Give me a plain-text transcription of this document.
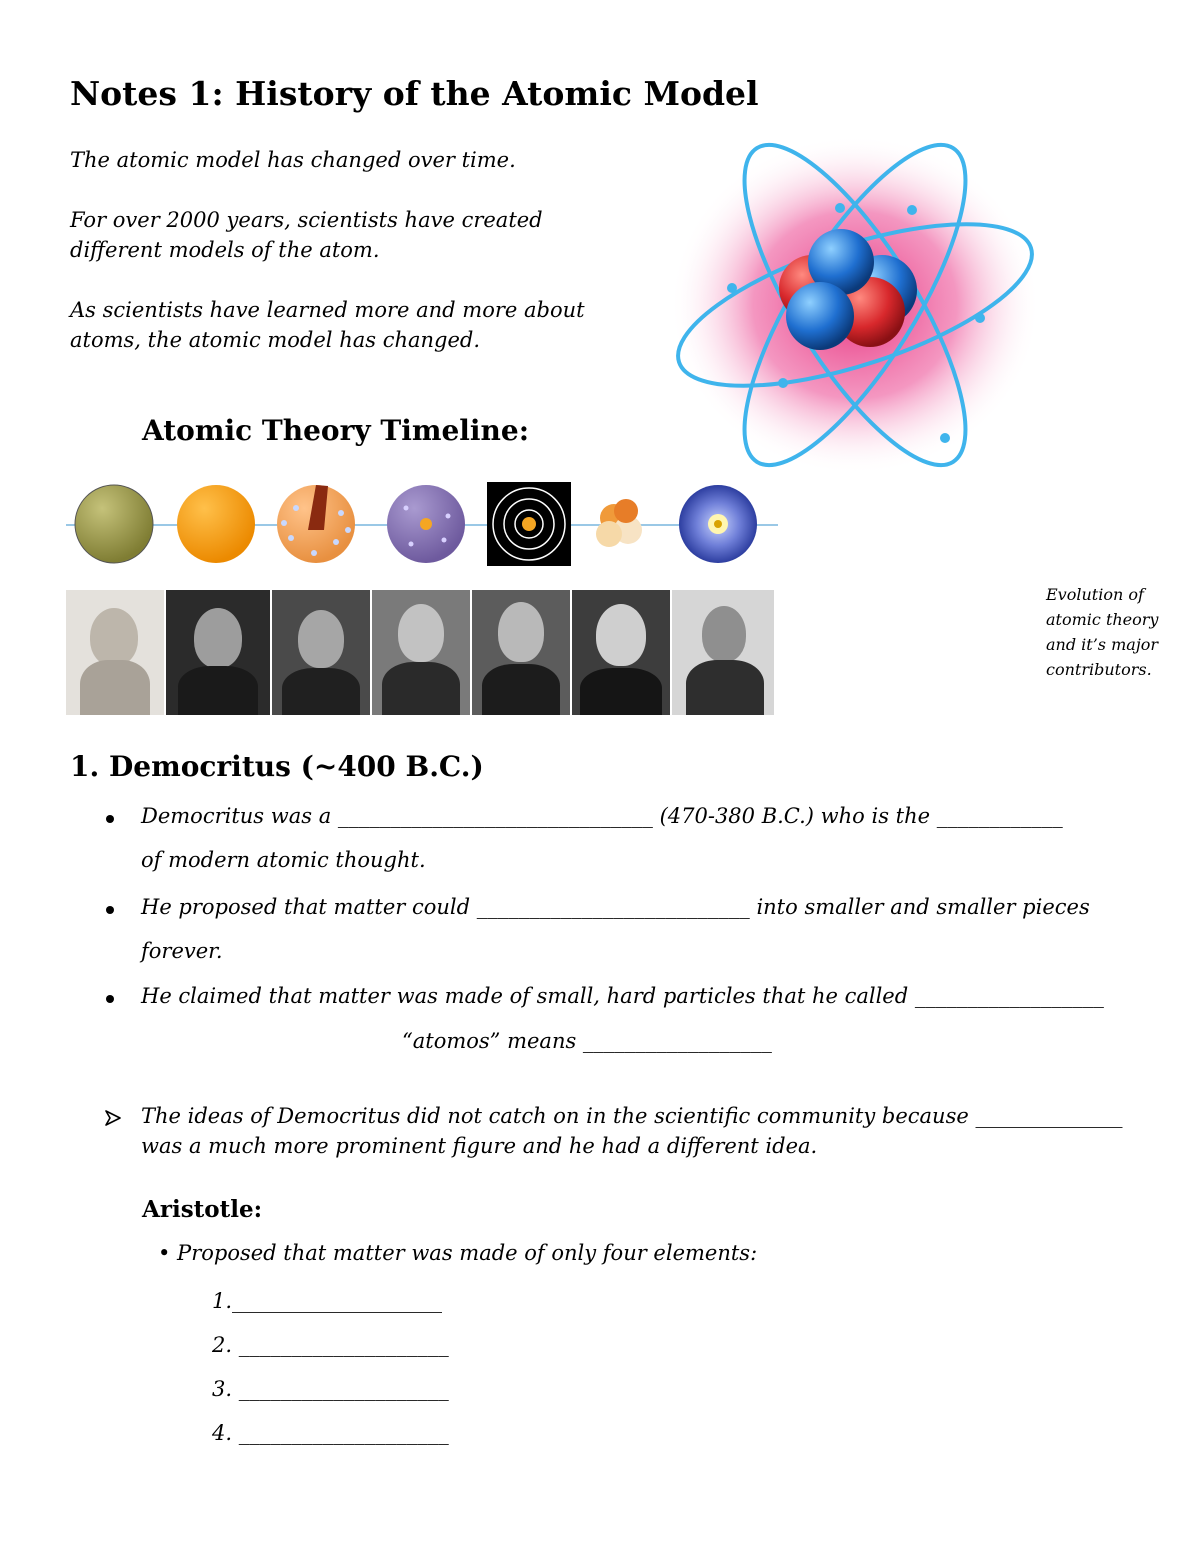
Notes 1: History of the Atomic Model
The atomic model has changed over time.
For over 2000 years, scientists have created different models of the atom.
As scientists have learned more and more about atoms, the atomic model has changed.
Atomic Theory Timeline:
Evolution of atomic theory and it’s major contributors.
1. Democritus (~400 B.C.)
Democritus was a ______________________________ (470-380 B.C.) who is the ____________
of modern atomic thought.
He proposed that matter could __________________________ into smaller and smaller pieces
forever.
He claimed that matter was made of small, hard particles that he called __________________
“atomos” means __________________
The ideas of Democritus did not catch on in the scientific community because ______________
was a much more prominent figure and he had a different idea.
Aristotle:
• Proposed that matter was made of only four elements:
1.____________________
2. ____________________
3. ____________________
4. ____________________
